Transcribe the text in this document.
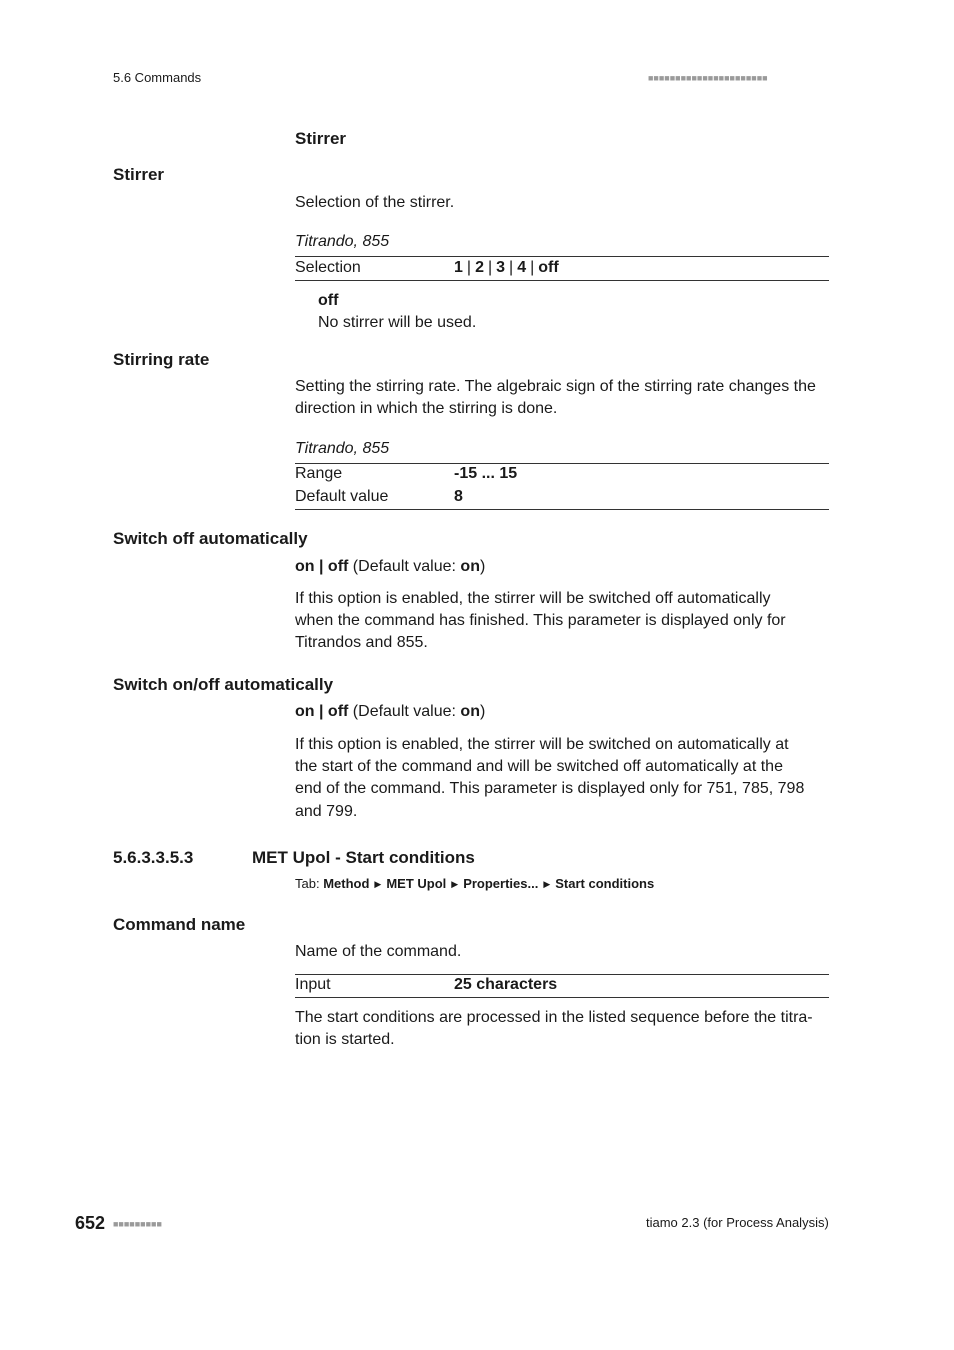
5.6 Commands	■■■■■■■■■■■■■■■■■■■■■■
Stirrer
Stirrer
Selection of the stirrer.
Titrando, 855
Selection	1 | 2 | 3 | 4 | off
off
No stirrer will be used.
Stirring rate
Setting the stirring rate. The algebraic sign of the stirring rate changes the
direction in which the stirring is done.
Titrando, 855
Range	-15 ... 15
Default value	8
Switch off automatically
on | off (Default value: on)
If this option is enabled, the stirrer will be switched off automatically
when the command has finished. This parameter is displayed only for
Titrandos and 855.
Switch on/off automatically
on | off (Default value: on)
If this option is enabled, the stirrer will be switched on automatically at
the start of the command and will be switched off automatically at the
end of the command. This parameter is displayed only for 751, 785, 798
and 799.
5.6.3.3.5.3	MET Upol - Start conditions
Tab: Method ▶ MET Upol ▶ Properties... ▶ Start conditions
Command name
Name of the command.
Input	25 characters
The start conditions are processed in the listed sequence before the titra-
tion is started.
652 ■■■■■■■■■	tiamo 2.3 (for Process Analysis)
